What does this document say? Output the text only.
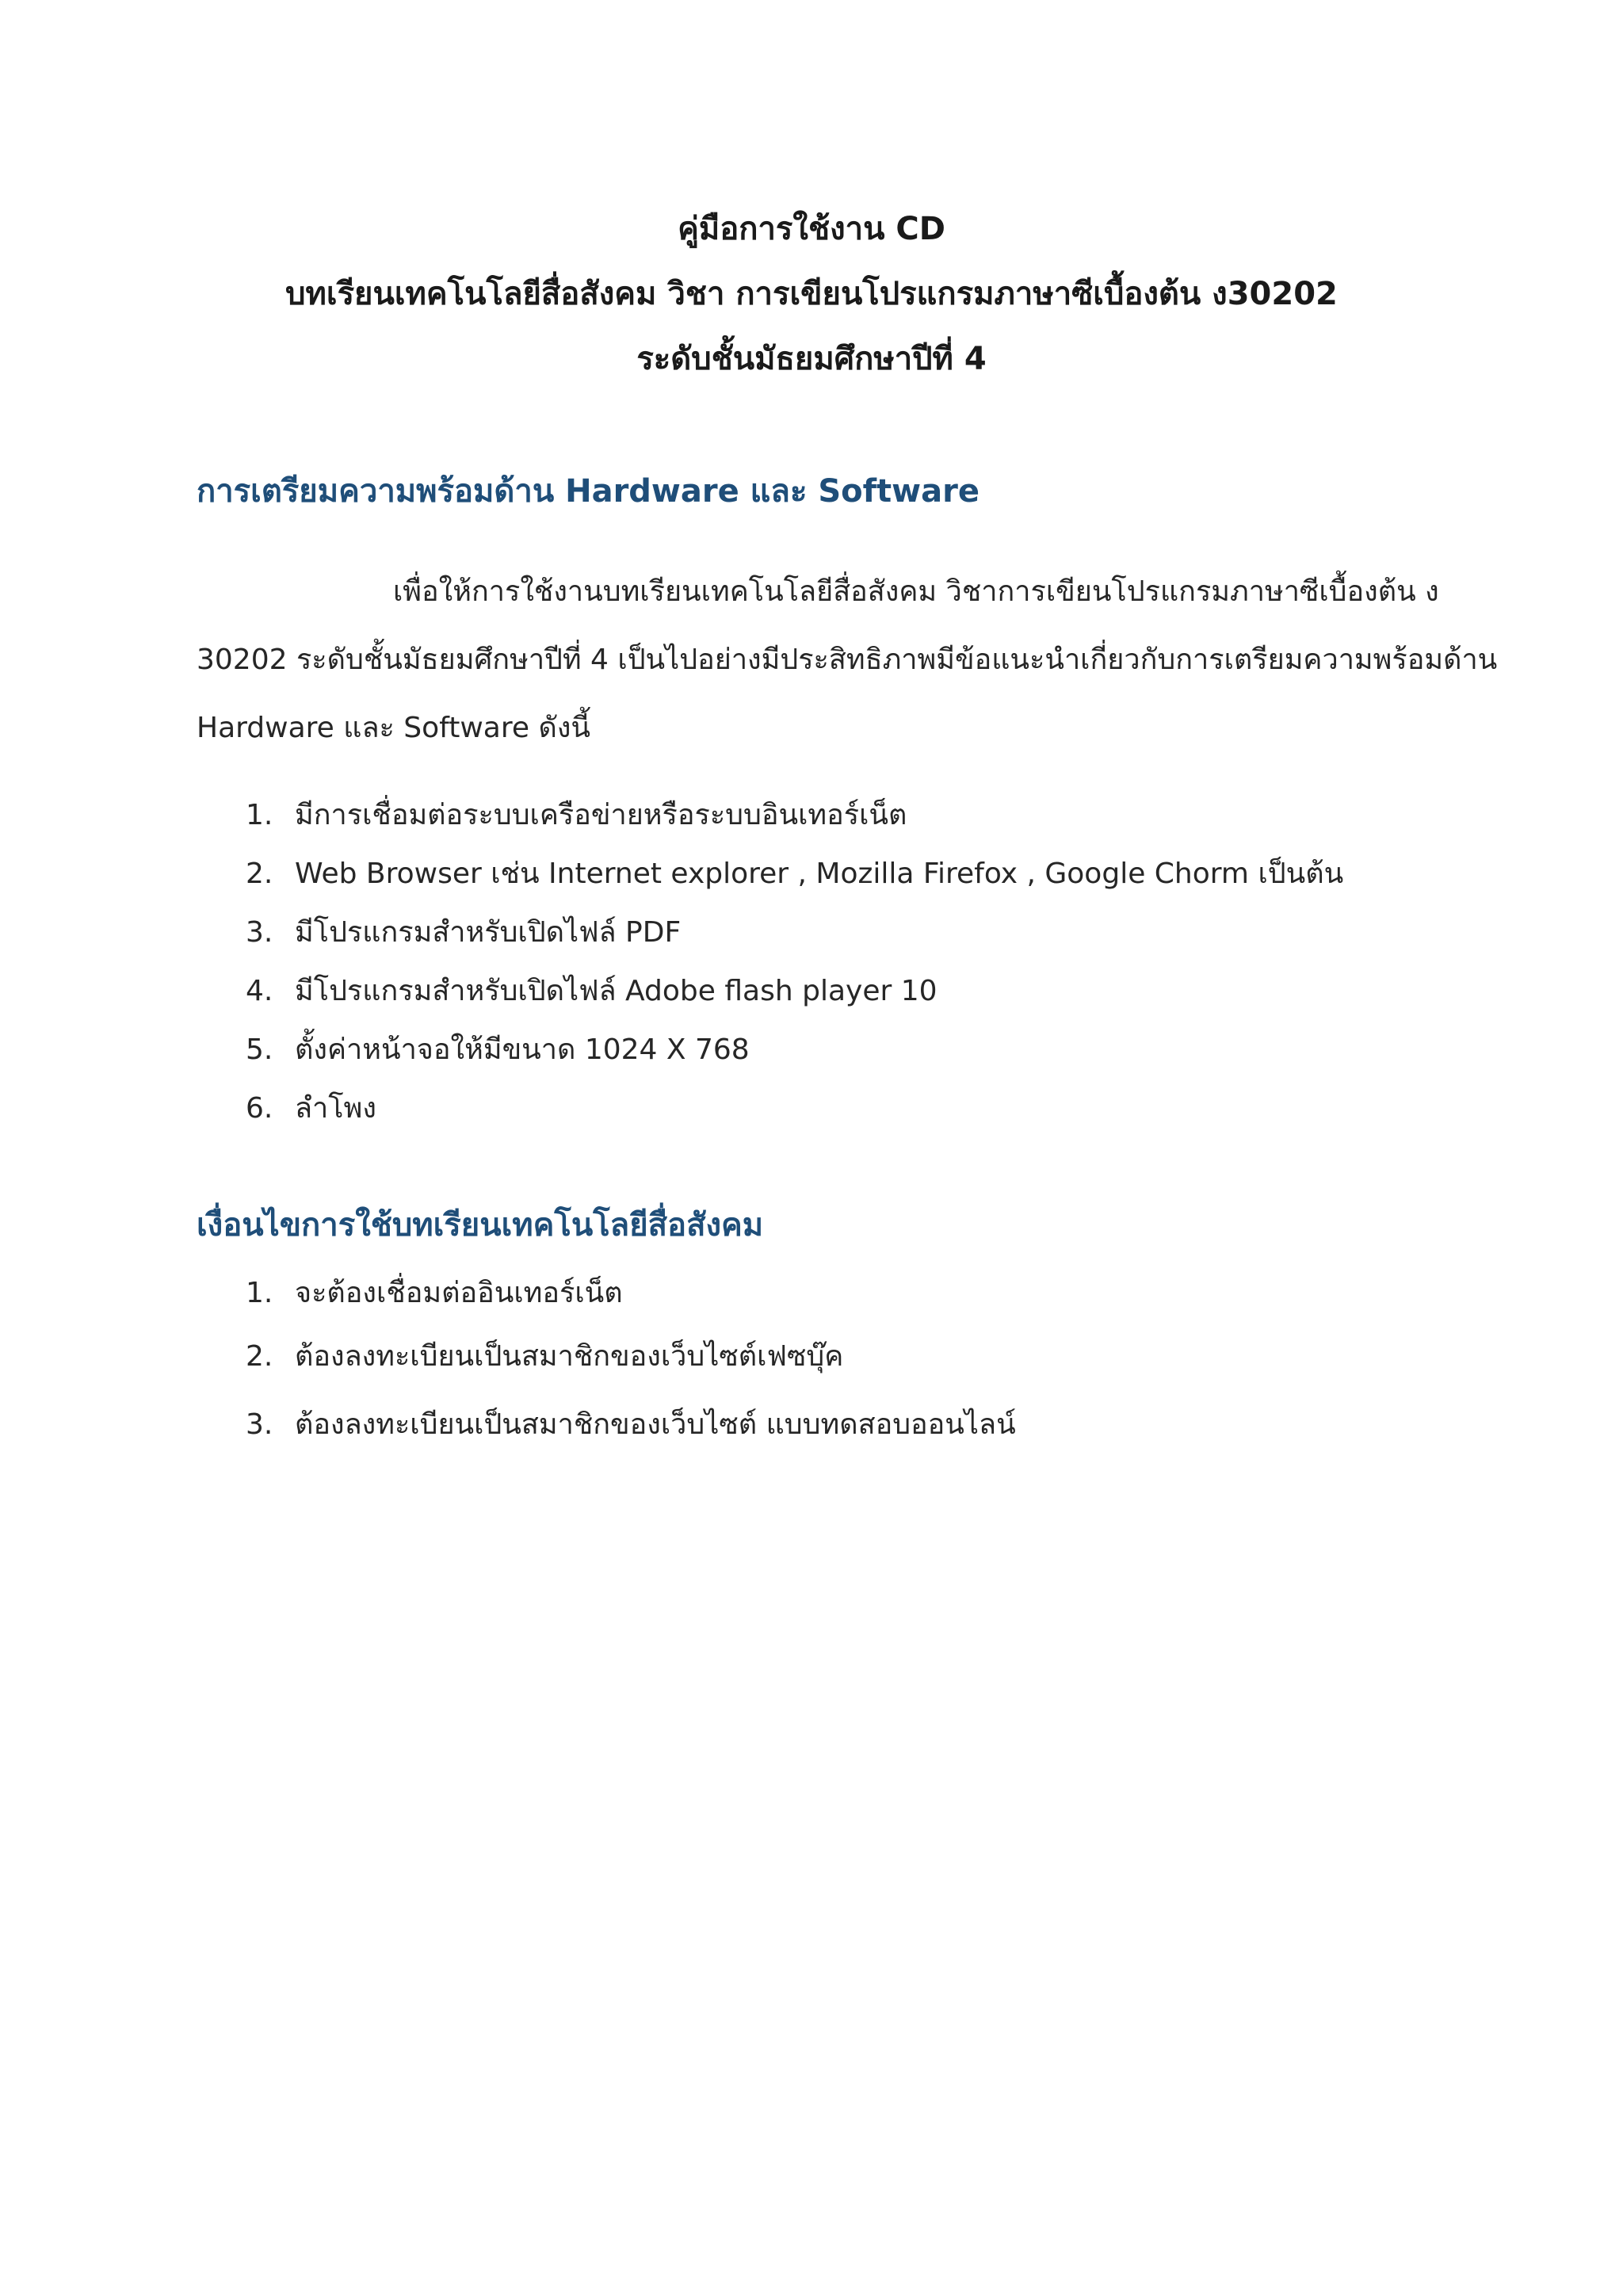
คู่มือการใช้งาน CD
บทเรียนเทคโนโลยีสื่อสังคม วิชา การเขียนโปรแกรมภาษาซีเบื้องต้น ง30202
ระดับชั้นมัธยมศึกษาปีที่ 4
การเตรียมความพร้อมด้าน Hardware และ Software
เพื่อให้การใช้งานบทเรียนเทคโนโลยีสื่อสังคม วิชาการเขียนโปรแกรมภาษาซีเบื้องต้น ง
30202 ระดับชั้นมัธยมศึกษาปีที่ 4 เป็นไปอย่างมีประสิทธิภาพมีข้อแนะนำเกี่ยวกับการเตรียมความพร้อมด้าน
Hardware และ Software ดังนี้
1. มีการเชื่อมต่อระบบเครือข่ายหรือระบบอินเทอร์เน็ต
2. Web Browser เช่น Internet explorer , Mozilla Firefox , Google Chorm เป็นต้น
3. มีโปรแกรมสำหรับเปิดไฟล์ PDF
4. มีโปรแกรมสำหรับเปิดไฟล์ Adobe flash player 10
5. ตั้งค่าหน้าจอให้มีขนาด 1024 X 768
6. ลำโพง
เงื่อนไขการใช้บทเรียนเทคโนโลยีสื่อสังคม
1. จะต้องเชื่อมต่ออินเทอร์เน็ต
2. ต้องลงทะเบียนเป็นสมาชิกของเว็บไซต์เฟซบุ๊ค
3. ต้องลงทะเบียนเป็นสมาชิกของเว็บไซต์ แบบทดสอบออนไลน์
